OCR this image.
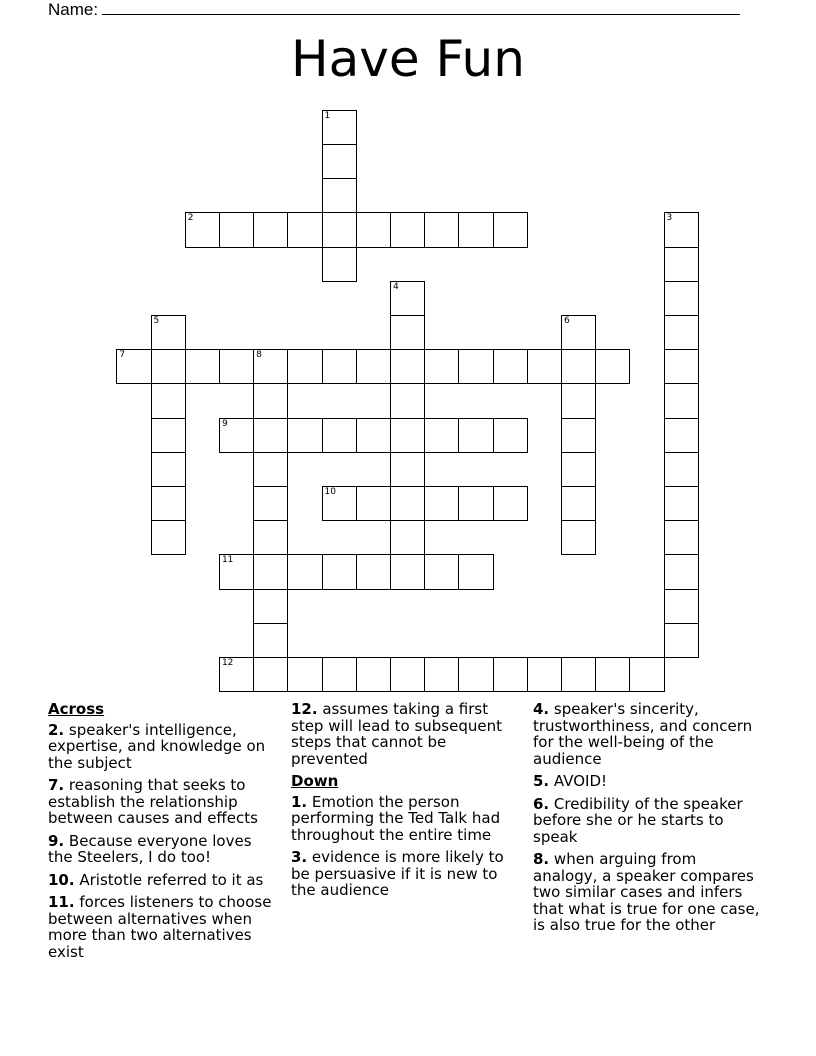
Name:
Have Fun
1
2	3
4
5	6
7	8
9
10
11
12
Across
2. speaker's intelligence, expertise, and knowledge on the subject
7. reasoning that seeks to establish the relationship between causes and effects
9. Because everyone loves the Steelers, I do too!
10. Aristotle referred to it as
11. forces listeners to choose between alternatives when more than two alternatives exist
12. assumes taking a first step will lead to subsequent steps that cannot be prevented
Down
1. Emotion the person performing the Ted Talk had throughout the entire time
3. evidence is more likely to be persuasive if it is new to the audience
4. speaker's sincerity, trustworthiness, and concern for the well-being of the audience
5. AVOID!
6. Credibility of the speaker before she or he starts to speak
8. when arguing from analogy, a speaker compares two similar cases and infers that what is true for one case, is also true for the other
